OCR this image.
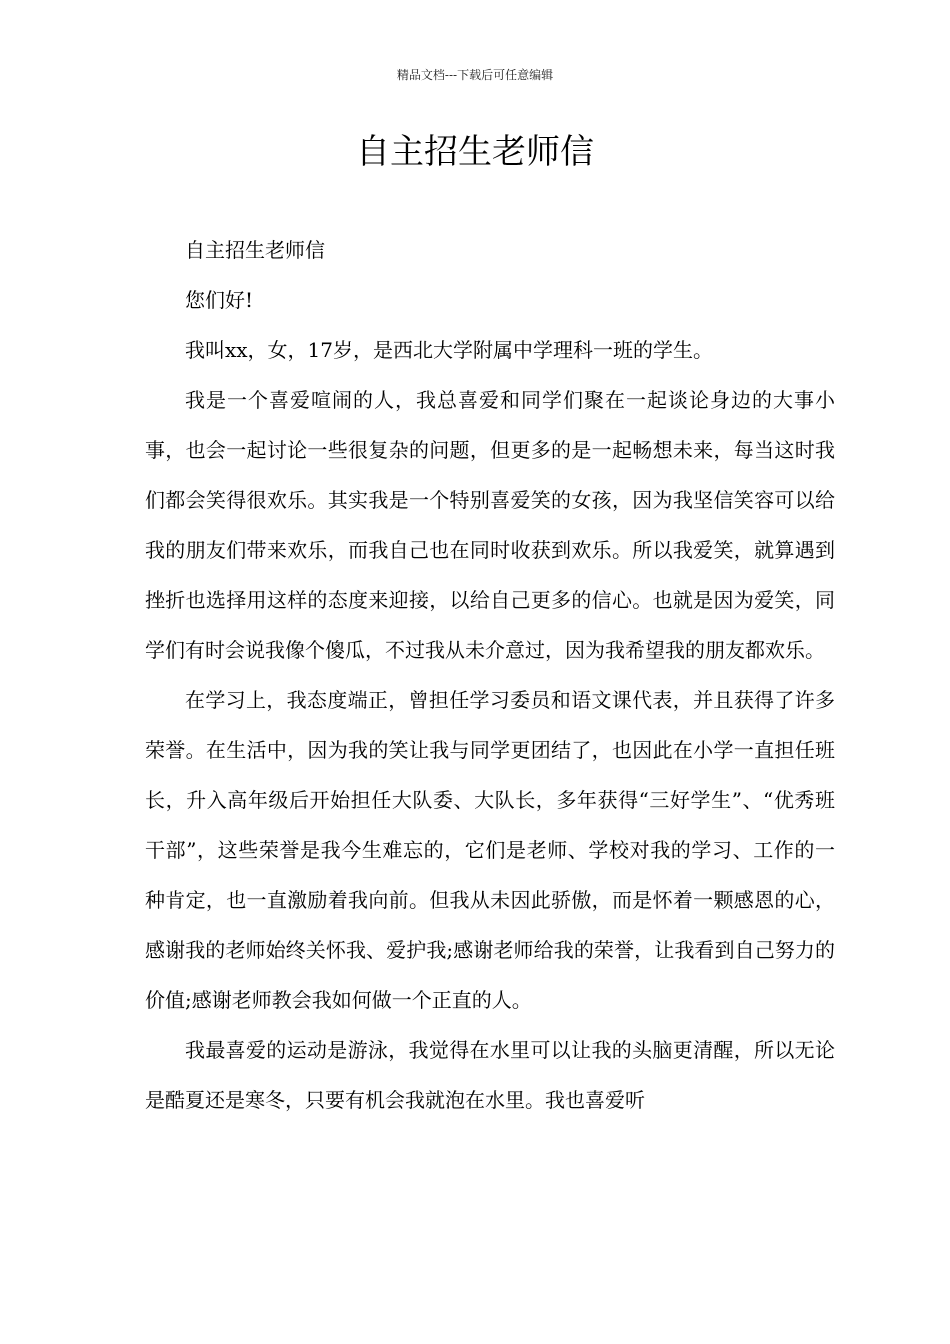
精品文档---下载后可任意编辑
自主招生老师信

自主招生老师信

您们好!

我叫xx，女，17岁，是西北大学附属中学理科一班的学生。

我是一个喜爱喧闹的人，我总喜爱和同学们聚在一起谈论身边的大事小事，也会一起讨论一些很复杂的问题，但更多的是一起畅想未来，每当这时我们都会笑得很欢乐。其实我是一个特别喜爱笑的女孩，因为我坚信笑容可以给我的朋友们带来欢乐，而我自己也在同时收获到欢乐。所以我爱笑，就算遇到挫折也选择用这样的态度来迎接，以给自己更多的信心。也就是因为爱笑，同学们有时会说我像个傻瓜，不过我从未介意过，因为我希望我的朋友都欢乐。

在学习上，我态度端正，曾担任学习委员和语文课代表，并且获得了许多荣誉。在生活中，因为我的笑让我与同学更团结了，也因此在小学一直担任班长，升入高年级后开始担任大队委、大队长，多年获得“三好学生”、“优秀班干部”，这些荣誉是我今生难忘的，它们是老师、学校对我的学习、工作的一种肯定，也一直激励着我向前。但我从未因此骄傲，而是怀着一颗感恩的心，感谢我的老师始终关怀我、爱护我;感谢老师给我的荣誉，让我看到自己努力的价值;感谢老师教会我如何做一个正直的人。

我最喜爱的运动是游泳，我觉得在水里可以让我的头脑更清醒，所以无论是酷夏还是寒冬，只要有机会我就泡在水里。我也喜爱听
